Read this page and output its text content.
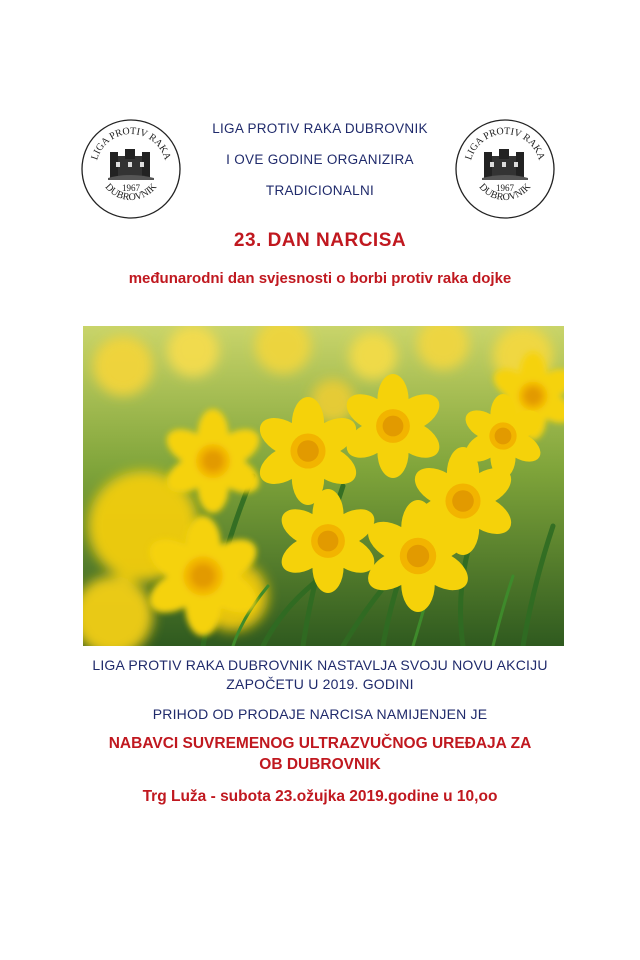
LIGA PROTIV RAKA
DUBROVNIK
1967
LIGA PROTIV RAKA
DUBROVNIK
1967
LIGA PROTIV RAKA DUBROVNIK
I OVE GODINE ORGANIZIRA
TRADICIONALNI
23. DAN NARCISA
međunarodni dan svjesnosti o borbi protiv raka dojke
LIGA PROTIV RAKA DUBROVNIK NASTAVLJA SVOJU NOVU AKCIJU
ZAPOČETU U 2019. GODINI
PRIHOD OD PRODAJE NARCISA NAMIJENJEN JE
NABAVCI SUVREMENOG ULTRAZVUČNOG UREĐAJA ZA
OB DUBROVNIK
Trg Luža - subota 23.ožujka 2019.godine u 10,oo
